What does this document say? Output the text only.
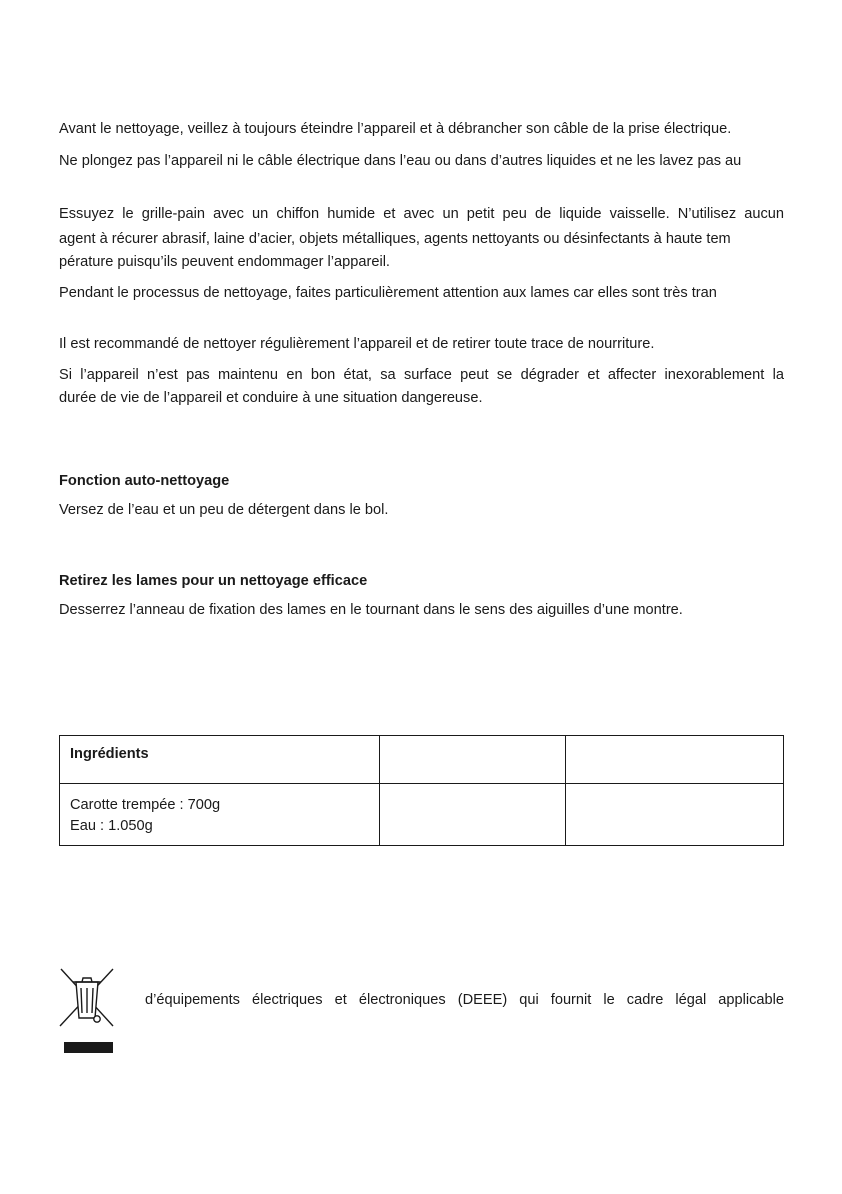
Avant le nettoyage, veillez à toujours éteindre l’appareil et à débrancher son câble de la prise électrique.
Ne plongez pas l’appareil ni le câble électrique dans l’eau ou dans d’autres liquides et ne les lavez pas au
Essuyez le grille-pain avec un chiffon humide et avec un petit peu de liquide vaisselle. N’utilisez aucun
agent à récurer abrasif, laine d’acier, objets métalliques, agents nettoyants ou désinfectants à haute tem
pérature puisqu’ils peuvent endommager l’appareil.
Pendant le processus de nettoyage, faites particulièrement attention aux lames car elles sont très tran
Il est recommandé de nettoyer régulièrement l’appareil et de retirer toute trace de nourriture.
Si l’appareil n’est pas maintenu en bon état, sa surface peut se dégrader et affecter inexorablement la
durée de vie de l’appareil et conduire à une situation dangereuse.
Fonction auto-nettoyage
Versez de l’eau et un peu de détergent dans le bol.
Retirez les lames pour un nettoyage efficace
Desserrez l’anneau de fixation des lames en le tournant dans le sens des aiguilles d’une montre.
Ingrédients		

Carotte trempée : 700g
Eau : 1.050g		

d’équipements électriques et électroniques (DEEE) qui fournit le cadre légal applicable
